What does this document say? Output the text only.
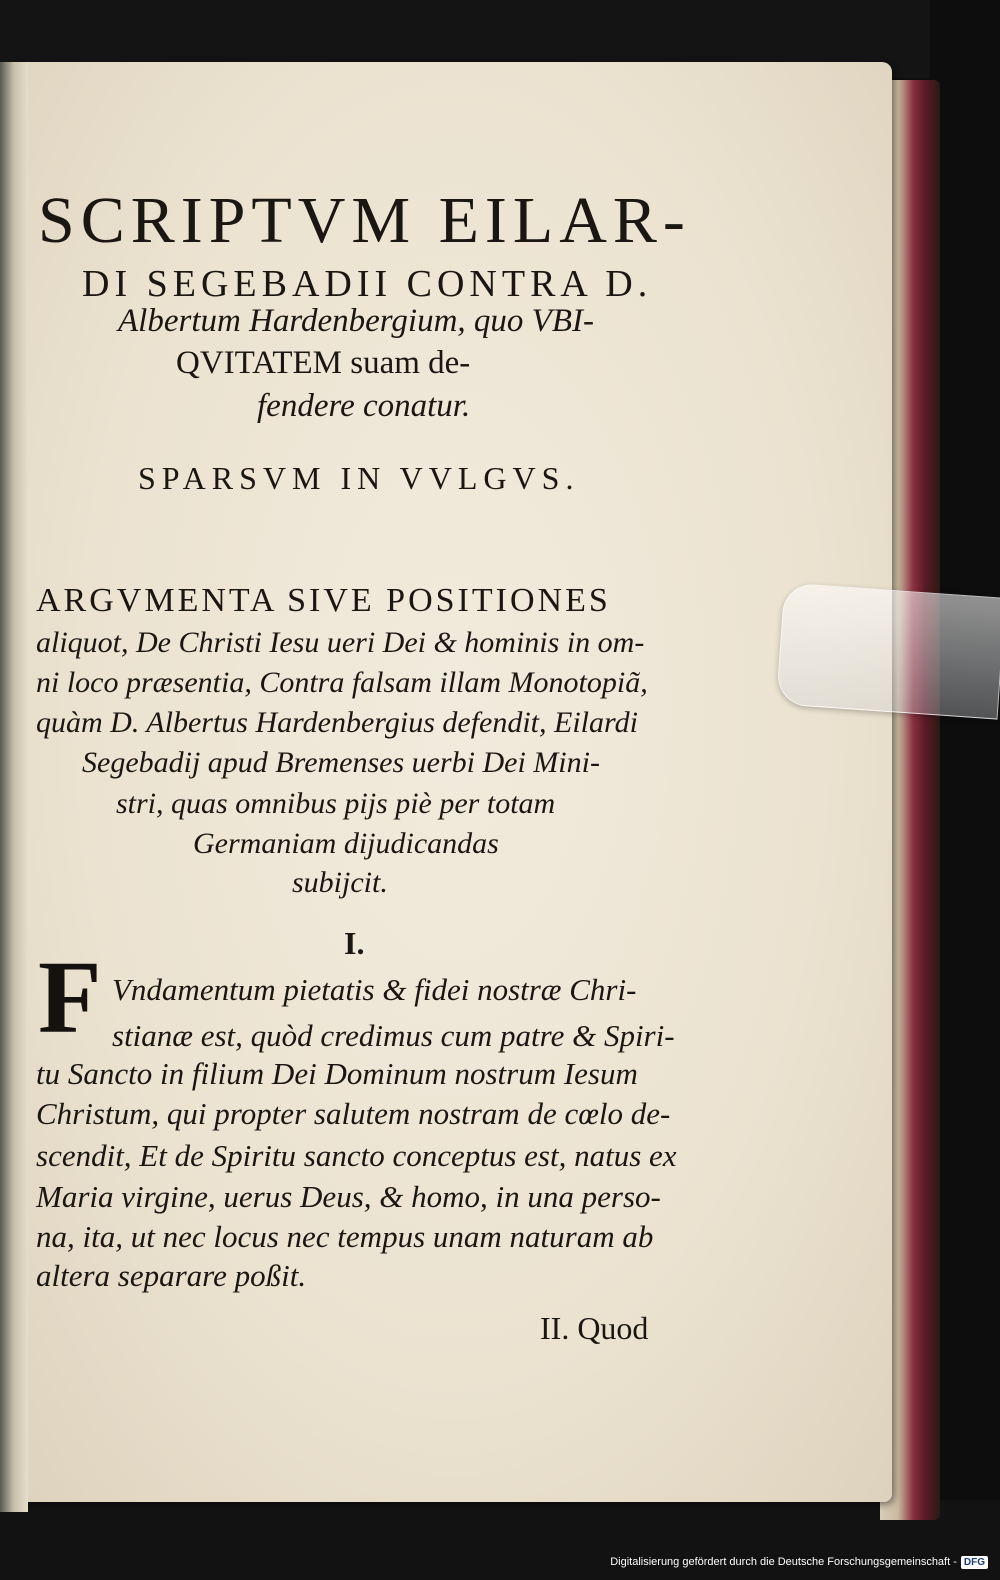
SCRIPTVM EILAR-
DI SEGEBADII CONTRA D.
Albertum Hardenbergium, quo VBI-
QVITATEM suam de-
fendere conatur.
SPARSVM IN VVLGVS.
ARGVMENTA SIVE POSITIONES
aliquot, De Christi Iesu ueri Dei & hominis in om-
ni loco præsentia, Contra falsam illam Monotopiã,
quàm D. Albertus Hardenbergius defendit, Eilardi
Segebadij apud Bremenses uerbi Dei Mini-
stri, quas omnibus pijs piè per totam
Germaniam dijudicandas
subijcit.
I.
F Vndamentum pietatis & fidei nostræ Chri-
stianæ est, quòd credimus cum patre & Spiri-
tu Sancto in filium Dei Dominum nostrum Iesum
Christum, qui propter salutem nostram de cœlo de-
scendit, Et de Spiritu sancto conceptus est, natus ex
Maria virgine, uerus Deus, & homo, in una perso-
na, ita, ut nec locus nec tempus unam naturam ab
altera separare poßit.
II. Quod
Digitalisierung gefördert durch die Deutsche Forschungsgemeinschaft - DFG
